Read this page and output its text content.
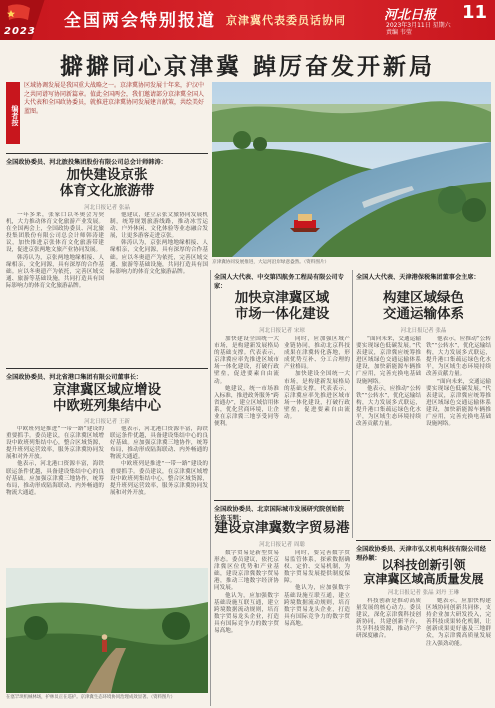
2023
全国两会特别报道 京津冀代表委员话协同	河北日报 11
2023年3月11日 星期六
责编 韦莹
擗擗同心京津冀 踔厉奋发开新局
编者按
区域协调发展是我国重大战略之一。京津冀协同发展十年来，沪汉中之共同谱写协同新篇章。值此全国两会，我们邀请部分京津冀全国人大代表和全国政协委员，就推进京津冀协同发展建言献策，共绘美好蓝图。
京津冀协同发展推进，大运河沿岸绿意盎然。（资料图片）
全国政协委员、河北旅投集团股份有限公司总会计师韩涛：
加快建设京张
体育文化旅游带
河北日报记者 张晶

一年多来，张家口以冬奥会为契机，大力推动体育文化旅游产业发展。在全国两会上，全国政协委员、河北旅投集团股份有限公司总会计师韩涛建议，加快推进京张体育文化旅游带建设，促进京张两地文旅产业协同发展。

韩涛认为，京张两地地缘相接、人缘相亲，文化同源，具有深厚的合作基础。应以冬奥遗产为依托，完善区域交通、旅游等基础设施，共同打造具有国际影响力的体育文化旅游品牌。

他建议，建立京张文旅协同发展机制，统筹规划旅游线路，推动冰雪运动、户外休闲、文化体验等业态融合发展，让更多游客走进京张。

韩涛认为，京张两地地缘相接、人缘相亲，文化同源，具有深厚的合作基础。应以冬奥遗产为依托，完善区域交通、旅游等基础设施，共同打造具有国际影响力的体育文化旅游品牌。

全国政协委员、河北省港口集团有限公司董事长：
京津冀区域应增设
中欧班列集结中心
河北日报记者 王新

中欧班列是推进“一带一路”建设的重要抓手。委员建议，在京津冀区域增设中欧班列集结中心，整合区域货源，提升班列运营效率，服务京津冀协同发展和对外开放。

他表示，河北港口资源丰富，海铁联运条件优越，具备建设集结中心的良好基础。应加强京津冀三地协作，统筹布局，推动形成陆海联动、内外畅通的物流大通道。

他表示，河北港口资源丰富，海铁联运条件优越，具备建设集结中心的良好基础。应加强京津冀三地协作，统筹布局，推动形成陆海联动、内外畅通的物流大通道。

中欧班列是推进“一带一路”建设的重要抓手。委员建议，在京津冀区域增设中欧班列集结中心，整合区域货源，提升班列运营效率，服务京津冀协同发展和对外开放。

在塞罕坝机械林场，护林员正在巡护。京津冀生态环境协同治理成效显著。（资料图片）
全国人大代表、中交第四航务工程局有限公司专家：
加快京津冀区域
市场一体化建设
河北日报记者 宋琼

加快建设全国统一大市场，是构建新发展格局的基础支撑。代表表示，京津冀应率先推进区域市场一体化建设，打破行政壁垒，促进要素自由流动。

她建议，统一市场准入标准，推进政务服务“跨省通办”，建立区域信用体系，优化营商环境，让企业在京津冀三地享受同等便利。

同时，应加强区域产业链协同，推动北京科技成果在津冀转化落地，形成优势互补、分工合理的产业格局。

加快建设全国统一大市场，是构建新发展格局的基础支撑。代表表示，京津冀应率先推进区域市场一体化建设，打破行政壁垒，促进要素自由流动。

全国人大代表、天津港保税集团董事会主席：
构建区域绿色
交通运输体系
河北日报记者 张晶

“面向未来，交通运输要实现绿色低碳发展。”代表建议，京津冀应统筹推进区域绿色交通运输体系建设，加快新能源车辆推广应用，完善充换电基础设施网络。

他表示，应推动“公转铁”“公转水”，优化运输结构，大力发展多式联运，提升港口集疏运绿色化水平，为区域生态环境持续改善贡献力量。

他表示，应推动“公转铁”“公转水”，优化运输结构，大力发展多式联运，提升港口集疏运绿色化水平，为区域生态环境持续改善贡献力量。

“面向未来，交通运输要实现绿色低碳发展。”代表建议，京津冀应统筹推进区域绿色交通运输体系建设，加快新能源车辆推广应用，完善充换电基础设施网络。

全国政协委员、北京国际城市发展研究院创始院长连玉明：
建设京津冀数字贸易港
河北日报记者 周聪

数字贸易是新型贸易形态。委员建议，依托京津冀区位优势和产业基础，建设京津冀数字贸易港，推动三地数字经济协同发展。

他认为，应加强数字基础设施互联互通，建立跨境数据流动规则，培育数字贸易龙头企业，打造具有国际竞争力的数字贸易高地。

同时，要完善数字贸易监管体系，探索数据确权、定价、交易机制，为数字贸易发展提供制度保障。

他认为，应加强数字基础设施互联互通，建立跨境数据流动规则，培育数字贸易龙头企业，打造具有国际竞争力的数字贸易高地。

全国政协委员、天津市弘义机电科技有限公司经理孙颖： 以科技创新引领
京津冀区域高质量发展
河北日报记者 张晶 刘丹 王琳

科技创新是推动高质量发展的核心动力。委员建议，深化京津冀科技创新协同，共建创新平台，共享科技资源，推动产学研深度融合。

她表示，应加快构建区域协同创新共同体，支持企业加大研发投入，完善科技成果转化机制，让创新成果更好惠及三地群众，为京津冀高质量发展注入强劲动能。
